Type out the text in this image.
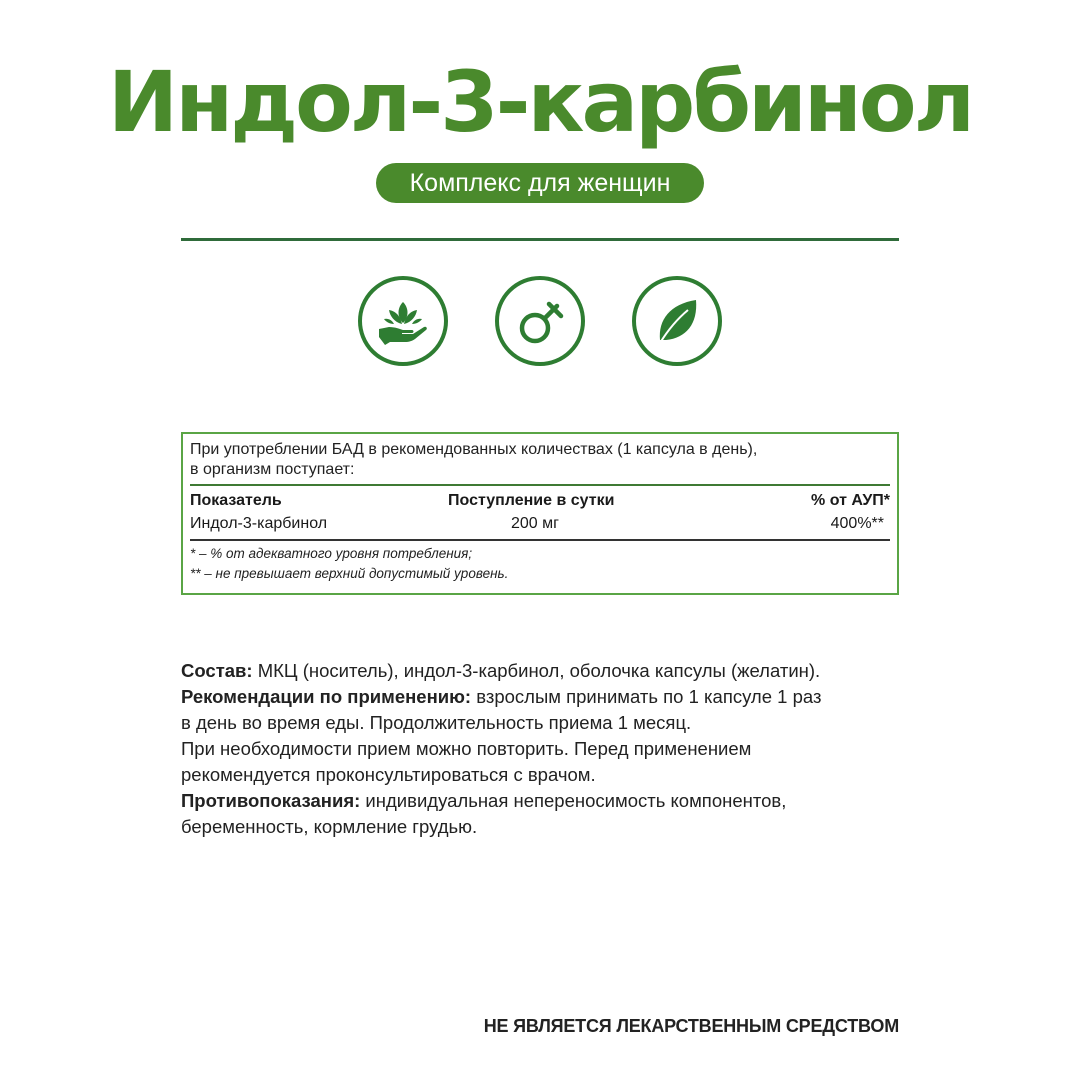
Индол-3-карбинол
Комплекс для женщин
При употреблении БАД в рекомендованных количествах (1 капсула в день),
в организм поступает:
Показатель	Поступление в сутки	% от АУП*
Индол-3-карбинол	200 мг	400%**
* – % от адекватного уровня потребления;
** – не превышает верхний допустимый уровень.

Состав: МКЦ (носитель), индол-3-карбинол, оболочка капсулы (желатин).

Рекомендации по применению: взрослым принимать по 1 капсуле 1 раз

в день во время еды. Продолжительность приема 1 месяц.

При необходимости прием можно повторить. Перед применением

рекомендуется проконсультироваться с врачом.

Противопоказания: индивидуальная непереносимость компонентов,

беременность, кормление грудью.

НЕ ЯВЛЯЕТСЯ ЛЕКАРСТВЕННЫМ СРЕДСТВОМ
